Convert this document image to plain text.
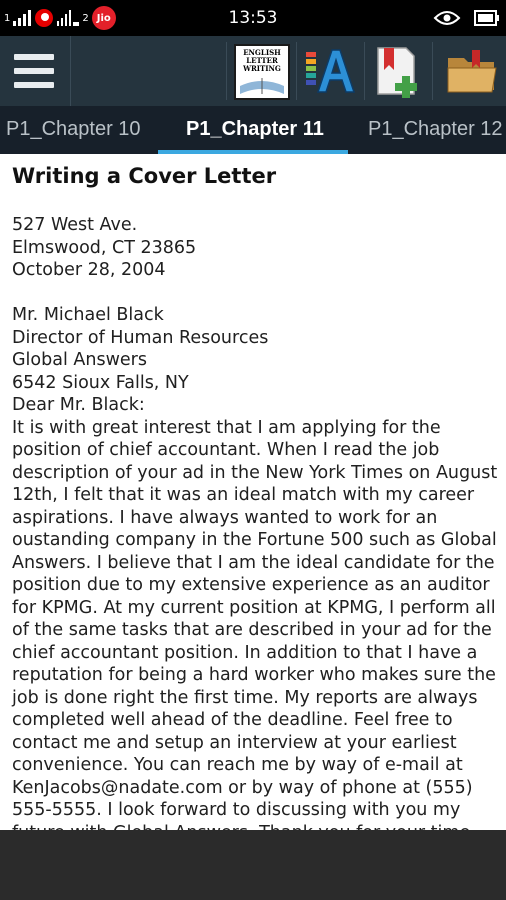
1	2 Jio	13:53
ENGLISH LETTER WRITING
P1_Chapter 10 P1_Chapter 11 P1_Chapter 12
Writing a Cover Letter
527 West Ave.
Elmswood, CT 23865
October 28, 2004

Mr. Michael Black
Director of Human Resources
Global Answers
6542 Sioux Falls, NY
Dear Mr. Black:
It is with great interest that I am applying for the position of chief accountant. When I read the job description of your ad in the New York Times on August 12th, I felt that it was an ideal match with my career aspirations. I have always wanted to work for an oustanding company in the Fortune 500 such as Global Answers. I believe that I am the ideal candidate for the position due to my extensive experience as an auditor for KPMG. At my current position at KPMG, I perform all of the same tasks that are described in your ad for the chief accountant position. In addition to that I have a reputation for being a hard worker who makes sure the job is done right the first time. My reports are always completed well ahead of the deadline. Feel free to contact me and setup an interview at your earliest convenience. You can reach me by way of e-mail at KenJacobs@nadate.com or by way of phone at (555) 555-5555. I look forward to discussing with you my
